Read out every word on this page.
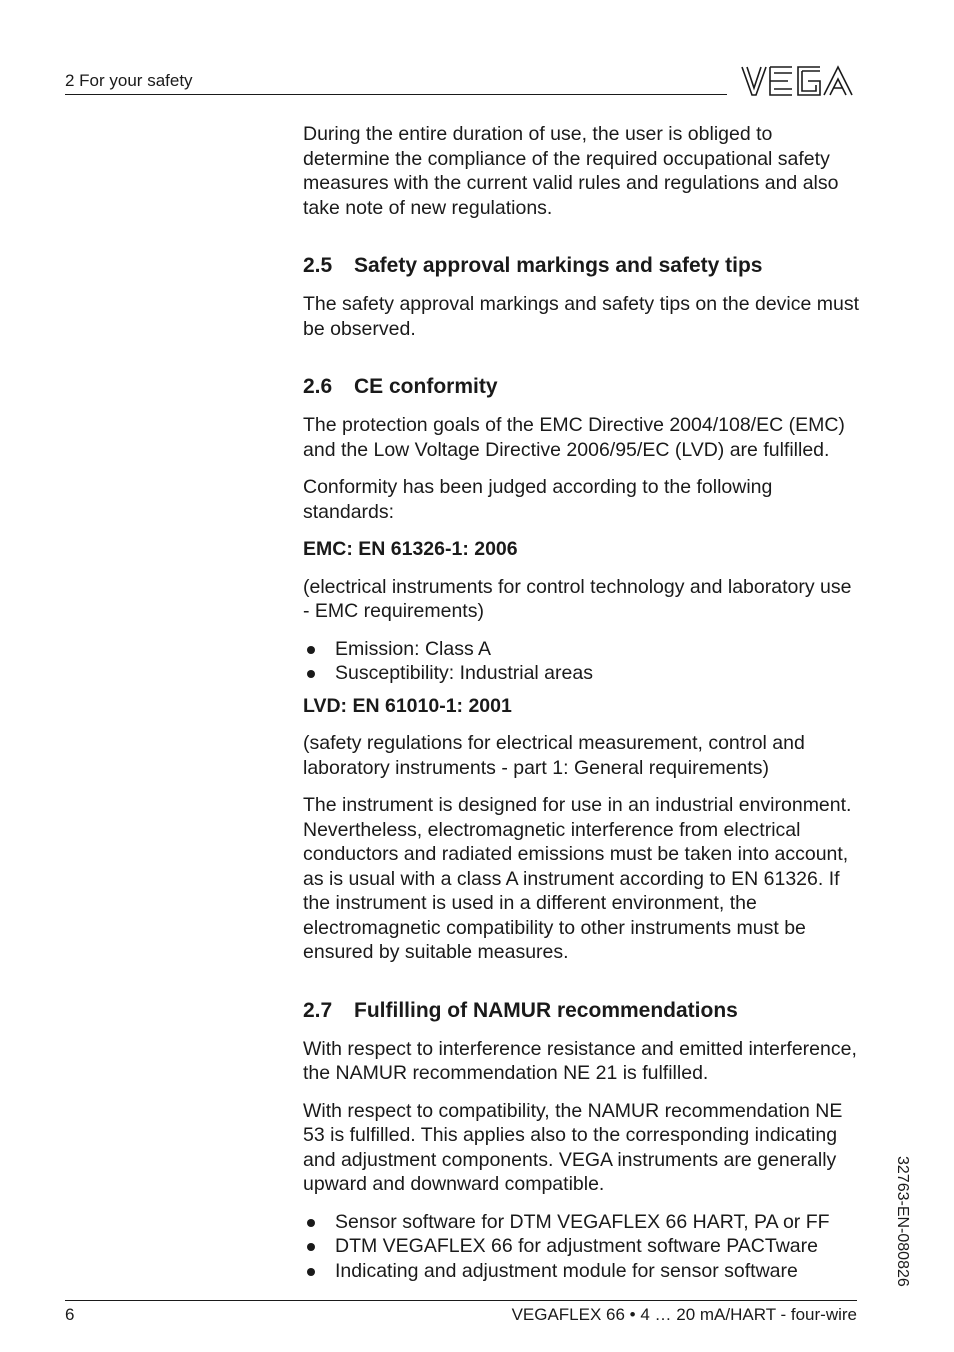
2 For your safety

During the entire duration of use, the user is obliged to determine the compliance of the required occupational safety measures with the current valid rules and regulations and also take note of new regulations.

2.5 Safety approval markings and safety tips

The safety approval markings and safety tips on the device must be observed.

2.6 CE conformity

The protection goals of the EMC Directive 2004/108/EC (EMC) and the Low Voltage Directive 2006/95/EC (LVD) are fulfilled.

Conformity has been judged according to the following standards:

EMC: EN 61326-1: 2006

(electrical instruments for control technology and laboratory use - EMC requirements)

Emission: Class A
Susceptibility: Industrial areas

LVD: EN 61010-1: 2001

(safety regulations for electrical measurement, control and laboratory instruments - part 1: General requirements)

The instrument is designed for use in an industrial environment. Nevertheless, electromagnetic interference from electrical conductors and radiated emissions must be taken into account, as is usual with a class A instrument according to EN 61326. If the instrument is used in a different environment, the electromagnetic compatibility to other instruments must be ensured by suitable measures.

2.7 Fulfilling of NAMUR recommendations

With respect to interference resistance and emitted interference, the NAMUR recommendation NE 21 is fulfilled.

With respect to compatibility, the NAMUR recommendation NE 53 is fulfilled. This applies also to the corresponding indicating and adjustment components. VEGA instruments are generally upward and downward compatible.

Sensor software for DTM VEGAFLEX 66 HART, PA or FF
DTM VEGAFLEX 66 for adjustment software PACTware
Indicating and adjustment module for sensor software	32763-EN-080826
6	VEGAFLEX 66 • 4 … 20 mA/HART - four-wire
